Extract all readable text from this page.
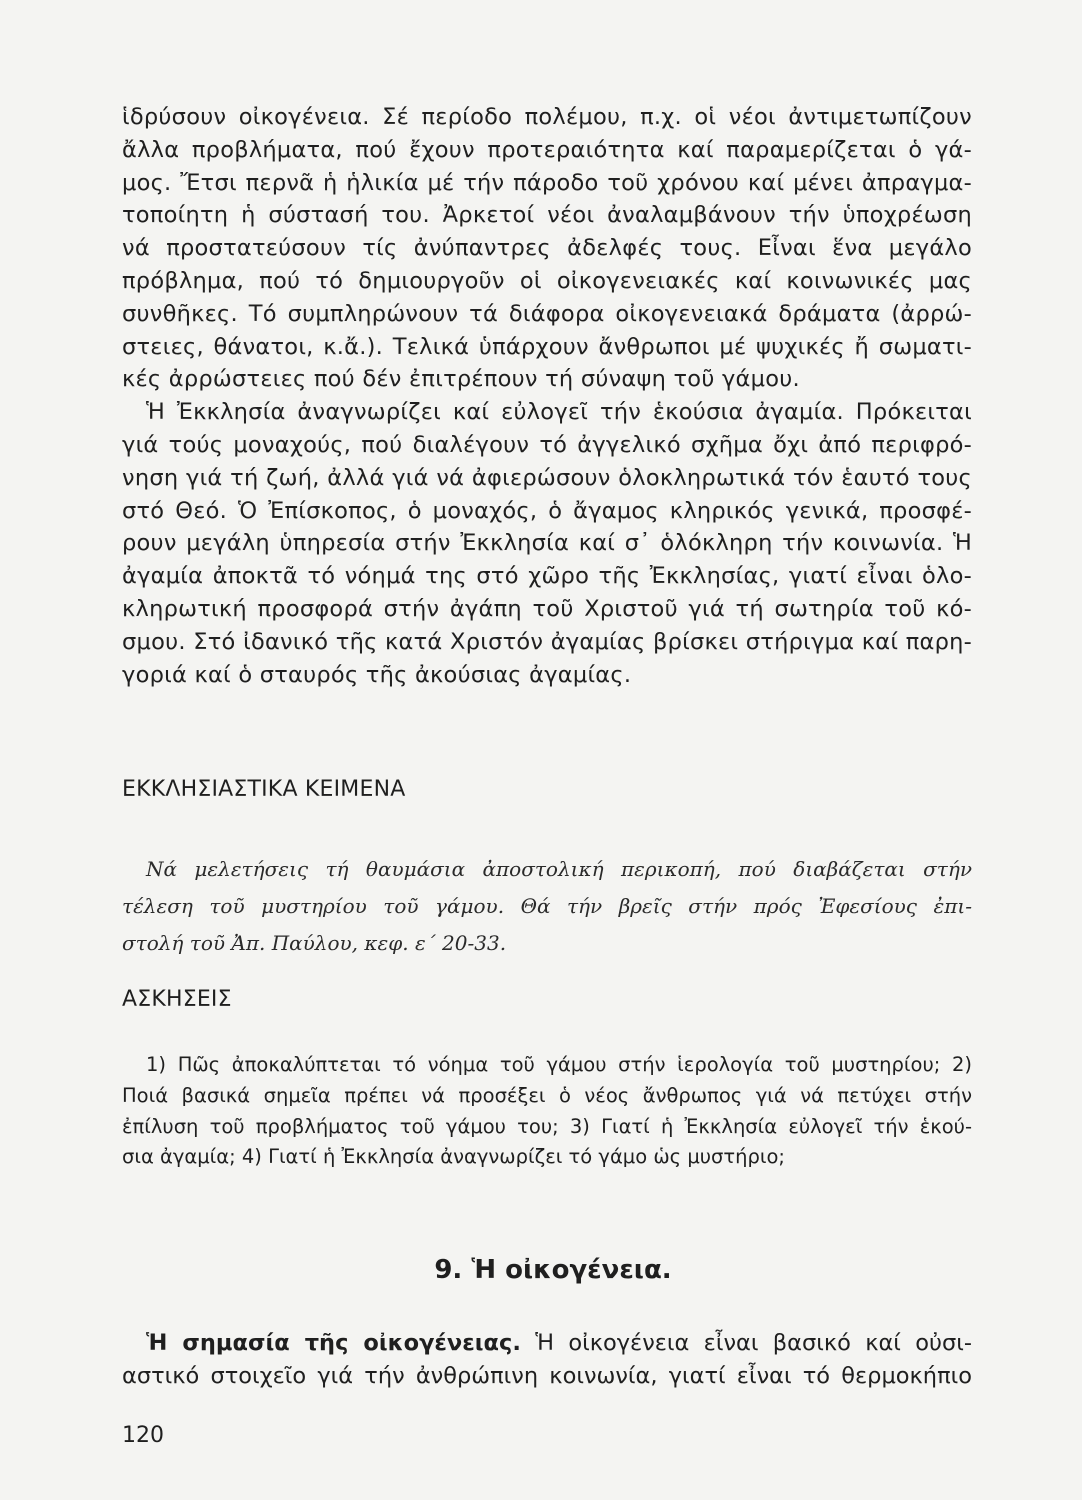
ἱδρύσουν οἰκογένεια. Σέ περίοδο πολέμου, π.χ. οἱ νέοι ἀντιμετωπίζουν
ἄλλα προβλήματα, πού ἔχουν προτεραιότητα καί παραμερίζεται ὁ γά-
μος. Ἔτσι περνᾶ ἡ ἡλικία μέ τήν πάροδο τοῦ χρόνου καί μένει ἀπραγμα-
τοποίητη ἡ σύστασή του. Ἀρκετοί νέοι ἀναλαμβάνουν τήν ὑποχρέωση
νά προστατεύσουν τίς ἀνύπαντρες ἀδελφές τους. Εἶναι ἕνα μεγάλο
πρόβλημα, πού τό δημιουργοῦν οἱ οἰκογενειακές καί κοινωνικές μας
συνθῆκες. Τό συμπληρώνουν τά διάφορα οἰκογενειακά δράματα (ἀρρώ-
στειες, θάνατοι, κ.ἄ.). Τελικά ὑπάρχουν ἄνθρωποι μέ ψυχικές ἤ σωματι-
κές ἀρρώστειες πού δέν ἐπιτρέπουν τή σύναψη τοῦ γάμου.
Ἡ Ἐκκλησία ἀναγνωρίζει καί εὐλογεῖ τήν ἑκούσια ἀγαμία. Πρόκειται
γιά τούς μοναχούς, πού διαλέγουν τό ἀγγελικό σχῆμα ὄχι ἀπό περιφρό-
νηση γιά τή ζωή, ἀλλά γιά νά ἀφιερώσουν ὁλοκληρωτικά τόν ἑαυτό τους
στό Θεό. Ὁ Ἐπίσκοπος, ὁ μοναχός, ὁ ἄγαμος κληρικός γενικά, προσφέ-
ρουν μεγάλη ὑπηρεσία στήν Ἐκκλησία καί σ᾽ ὁλόκληρη τήν κοινωνία. Ἡ
ἀγαμία ἀποκτᾶ τό νόημά της στό χῶρο τῆς Ἐκκλησίας, γιατί εἶναι ὁλο-
κληρωτική προσφορά στήν ἀγάπη τοῦ Χριστοῦ γιά τή σωτηρία τοῦ κό-
σμου. Στό ἰδανικό τῆς κατά Χριστόν ἀγαμίας βρίσκει στήριγμα καί παρη-
γοριά καί ὁ σταυρός τῆς ἀκούσιας ἀγαμίας.
ΕΚΚΛΗΣΙΑΣΤΙΚΑ ΚΕΙΜΕΝΑ
Νά μελετήσεις τή θαυμάσια ἀποστολική περικοπή, πού διαβάζεται στήν
τέλεση τοῦ μυστηρίου τοῦ γάμου. Θά τήν βρεῖς στήν πρός Ἐφεσίους ἐπι-
στολή τοῦ Ἀπ. Παύλου, κεφ. ε΄ 20-33.
ΑΣΚΗΣΕΙΣ
1) Πῶς ἀποκαλύπτεται τό νόημα τοῦ γάμου στήν ἱερολογία τοῦ μυστηρίου; 2)
Ποιά βασικά σημεῖα πρέπει νά προσέξει ὁ νέος ἄνθρωπος γιά νά πετύχει στήν
ἐπίλυση τοῦ προβλήματος τοῦ γάμου του; 3) Γιατί ἡ Ἐκκλησία εὐλογεῖ τήν ἑκού-
σια ἀγαμία; 4) Γιατί ἡ Ἐκκλησία ἀναγνωρίζει τό γάμο ὡς μυστήριο;
9. Ἡ οἰκογένεια.
Ἡ σημασία τῆς οἰκογένειας. Ἡ οἰκογένεια εἶναι βασικό καί οὐσι-
αστικό στοιχεῖο γιά τήν ἀνθρώπινη κοινωνία, γιατί εἶναι τό θερμοκήπιο
120
